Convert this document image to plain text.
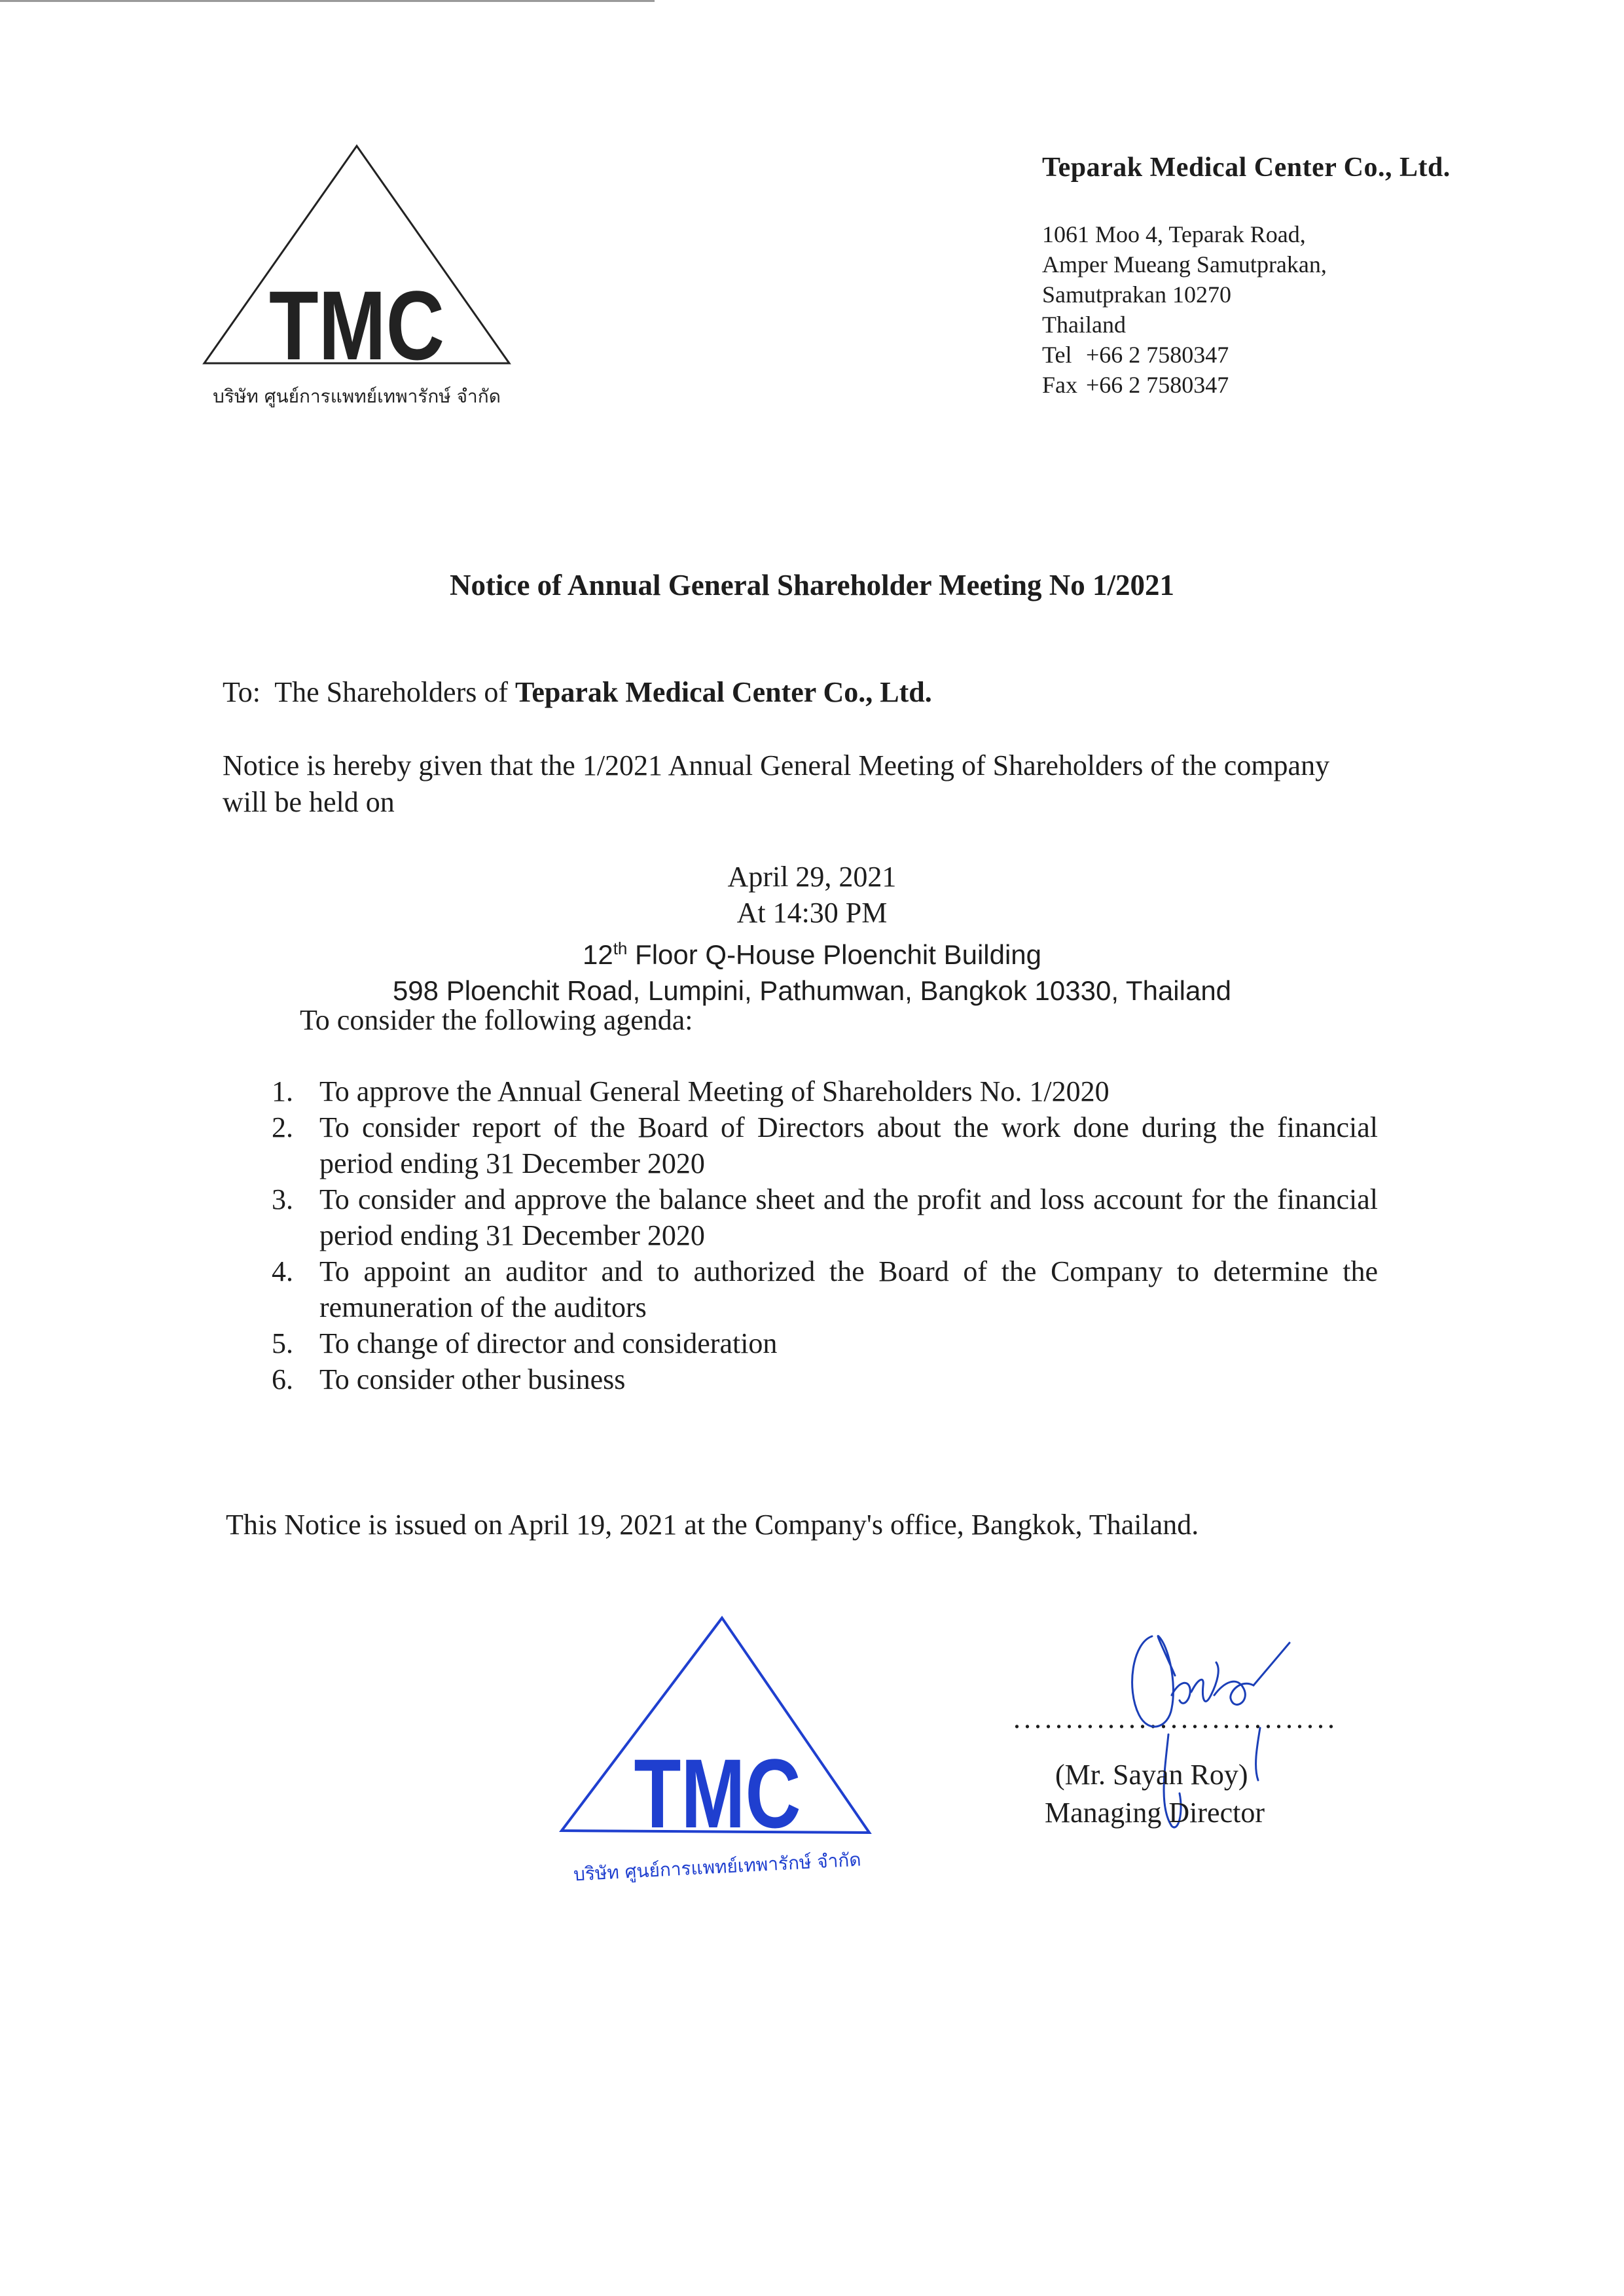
TMC
บริษัท ศูนย์การแพทย์เทพารักษ์ จำกัด
Teparak Medical Center Co., Ltd.
1061 Moo 4, Teparak Road,
Amper Mueang Samutprakan,
Samutprakan 10270
Thailand
Tel +66 2 7580347
Fax +66 2 7580347
Notice of Annual General Shareholder Meeting No 1/2021
To:  The Shareholders of Teparak Medical Center Co., Ltd.
Notice is hereby given that the 1/2021 Annual General Meeting of Shareholders of the company will be held on
April 29, 2021
At 14:30 PM
12th Floor Q-House Ploenchit Building
598 Ploenchit Road, Lumpini, Pathumwan, Bangkok 10330, Thailand
To consider the following agenda:
1. To approve the Annual General Meeting of Shareholders No. 1/2020
2. To consider report of the Board of Directors about the work done during the financial period ending 31 December 2020
3. To consider and approve the balance sheet and the profit and loss account for the financial period ending 31 December 2020
4. To appoint an auditor and to authorized the Board of the Company to determine the remuneration of the auditors
5. To change of director and consideration
6. To consider other business
This Notice is issued on April 19, 2021 at the Company's office, Bangkok, Thailand.
TMC
บริษัท ศูนย์การแพทย์เทพารักษ์ จำกัด
...............................
(Mr. Sayan Roy)
Managing Director
